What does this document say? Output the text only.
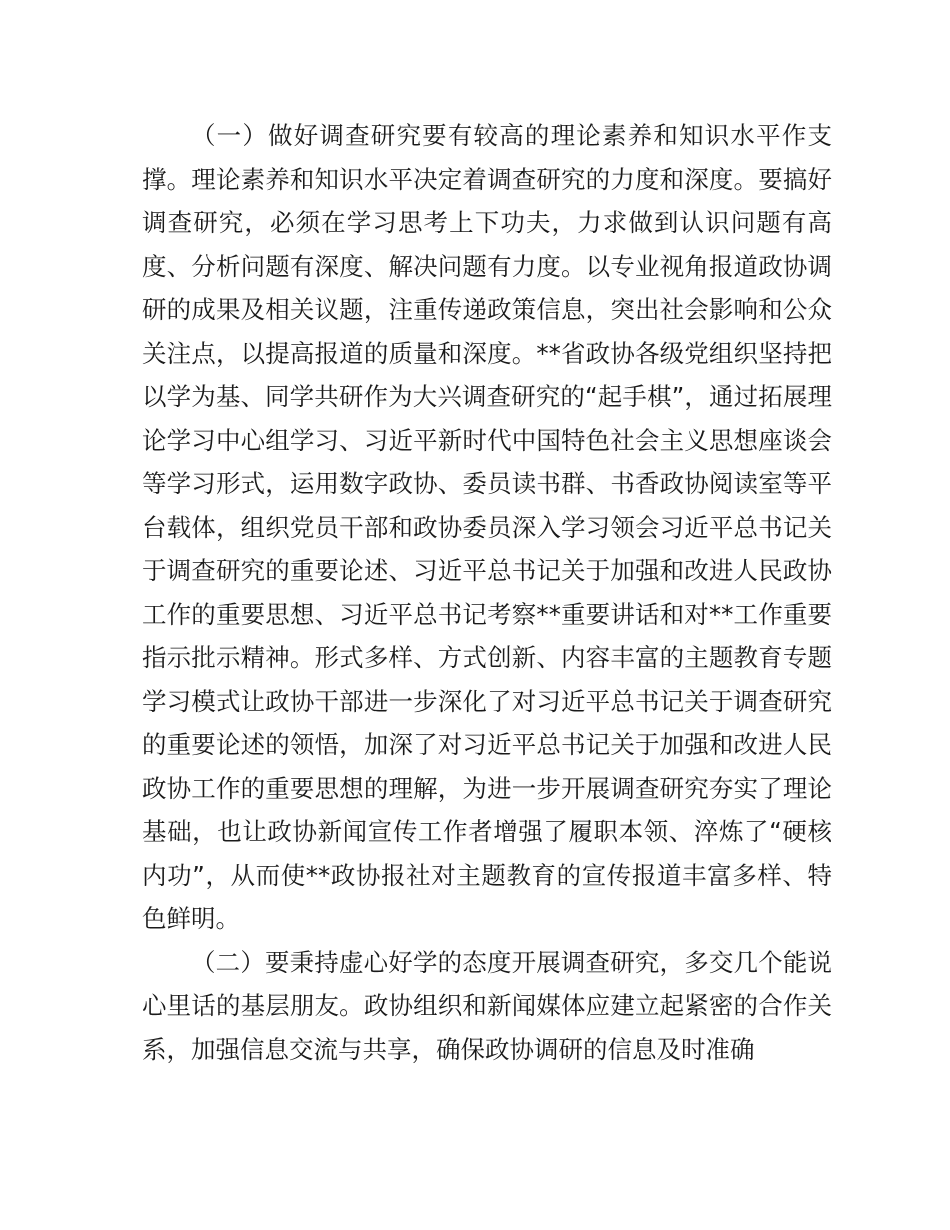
（一）做好调查研究要有较高的理论素养和知识水平作支撑。理论素养和知识水平决定着调查研究的力度和深度。要搞好调查研究，必须在学习思考上下功夫，力求做到认识问题有高度、分析问题有深度、解决问题有力度。以专业视角报道政协调研的成果及相关议题，注重传递政策信息，突出社会影响和公众关注点，以提高报道的质量和深度。**省政协各级党组织坚持把以学为基、同学共研作为大兴调查研究的“起手棋”，通过拓展理论学习中心组学习、习近平新时代中国特色社会主义思想座谈会等学习形式，运用数字政协、委员读书群、书香政协阅读室等平台载体，组织党员干部和政协委员深入学习领会习近平总书记关于调查研究的重要论述、习近平总书记关于加强和改进人民政协工作的重要思想、习近平总书记考察**重要讲话和对**工作重要指示批示精神。形式多样、方式创新、内容丰富的主题教育专题学习模式让政协干部进一步深化了对习近平总书记关于调查研究的重要论述的领悟，加深了对习近平总书记关于加强和改进人民政协工作的重要思想的理解，为进一步开展调查研究夯实了理论基础，也让政协新闻宣传工作者增强了履职本领、淬炼了“硬核内功”，从而使**政协报社对主题教育的宣传报道丰富多样、特色鲜明。

（二）要秉持虚心好学的态度开展调查研究，多交几个能说心里话的基层朋友。政协组织和新闻媒体应建立起紧密的合作关系，加强信息交流与共享，确保政协调研的信息及时准确
